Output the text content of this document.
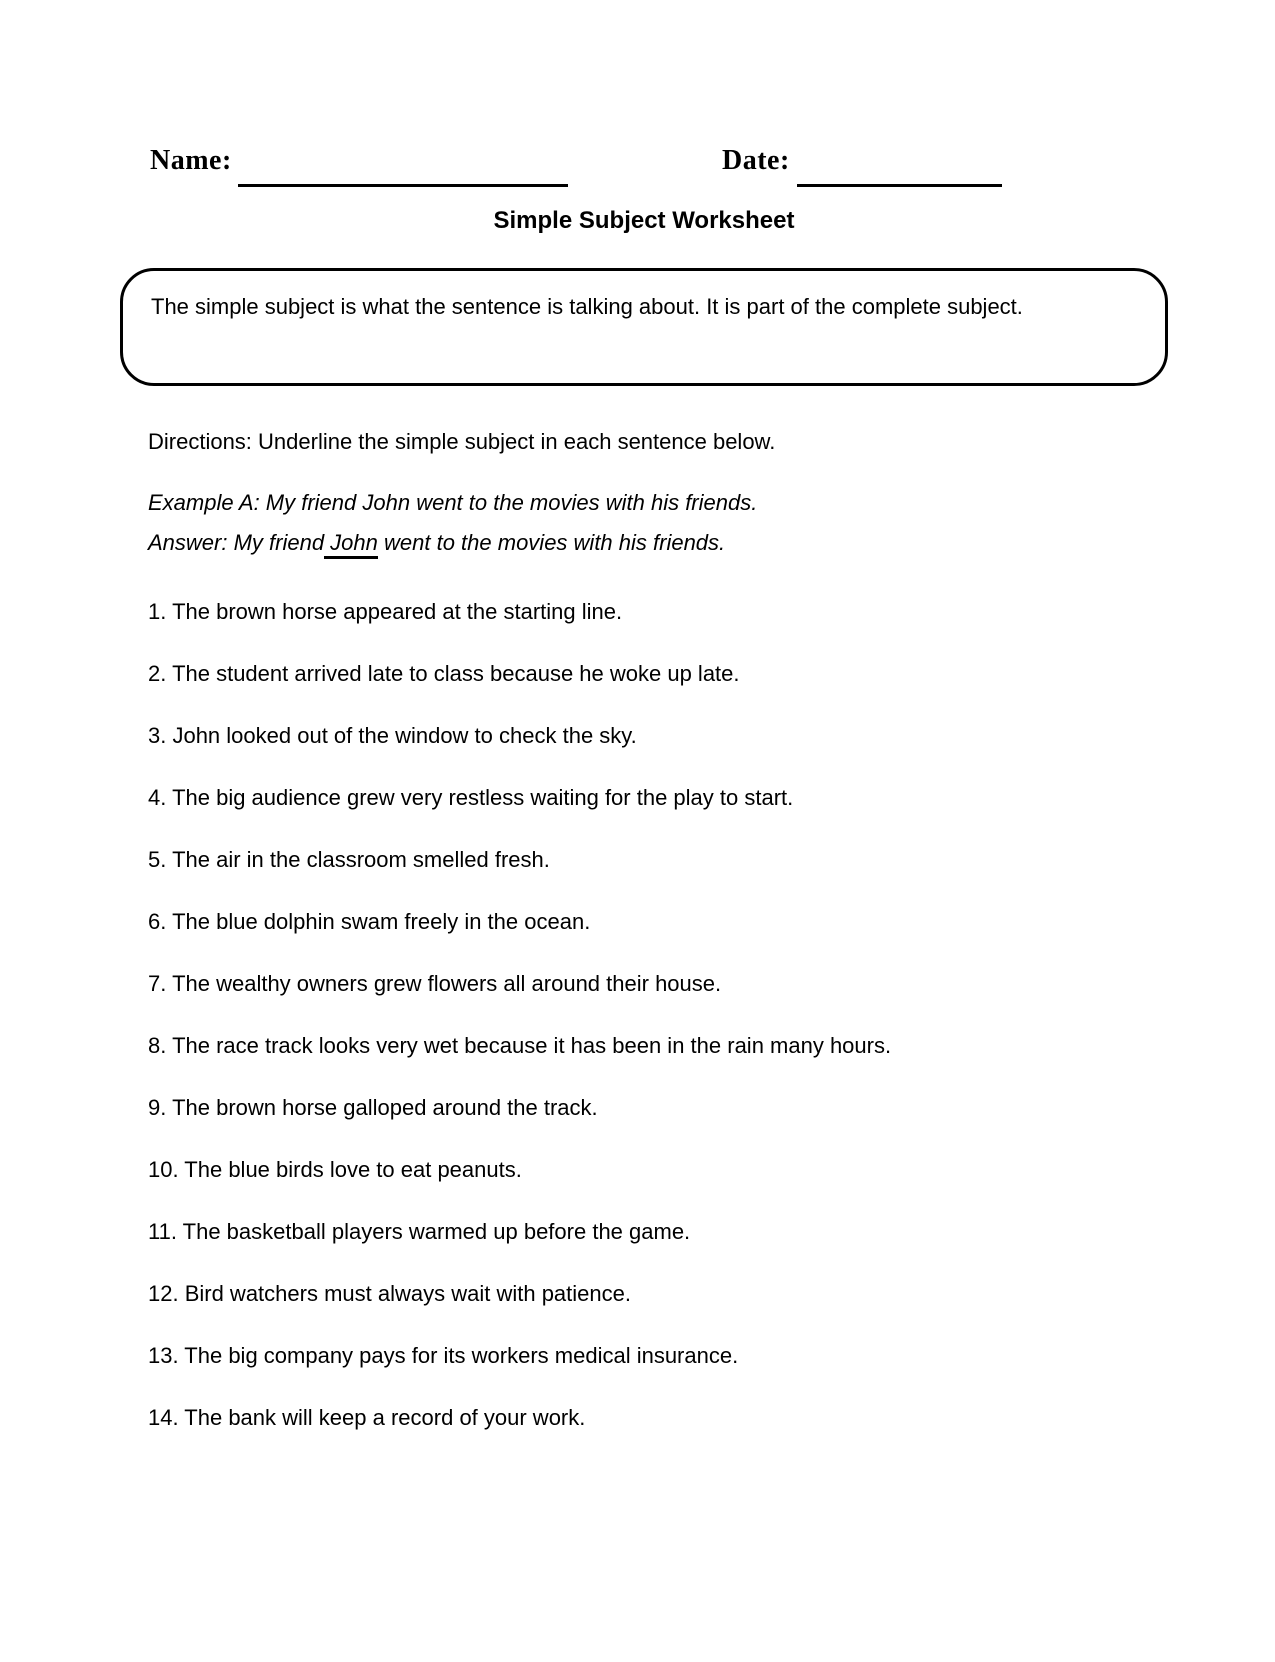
Name:	Date:
Simple Subject Worksheet
The simple subject is what the sentence is talking about. It is part of the complete subject.
Directions: Underline the simple subject in each sentence below.

Example A: My friend John went to the movies with his friends.

Answer: My friend John went to the movies with his friends.

1. The brown horse appeared at the starting line.

2. The student arrived late to class because he woke up late.

3. John looked out of the window to check the sky.

4. The big audience grew very restless waiting for the play to start.

5. The air in the classroom smelled fresh.

6. The blue dolphin swam freely in the ocean.

7. The wealthy owners grew flowers all around their house.

8. The race track looks very wet because it has been in the rain many hours.

9. The brown horse galloped around the track.

10. The blue birds love to eat peanuts.

11. The basketball players warmed up before the game.

12. Bird watchers must always wait with patience.

13. The big company pays for its workers medical insurance.

14. The bank will keep a record of your work.
